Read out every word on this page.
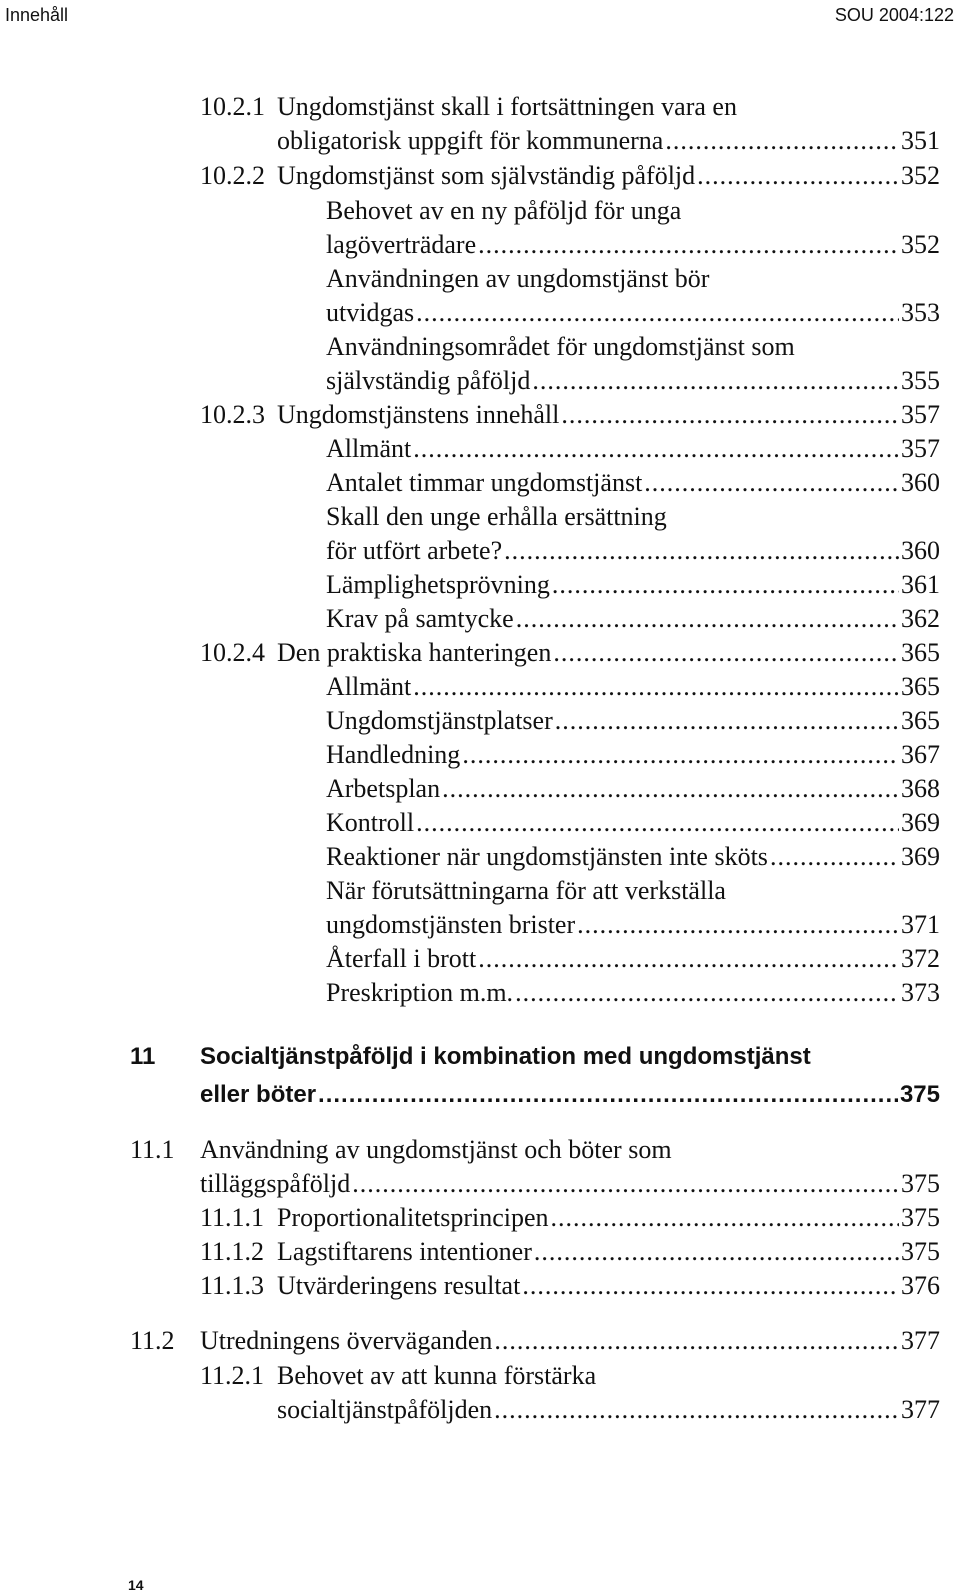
Innehåll	SOU 2004:122
10.2.1 Ungdomstjänst skall i fortsättningen vara en
obligatorisk uppgift för kommunerna .....	351
10.2.2 Ungdomstjänst som självständig påföljd .....	352
Behovet av en ny påföljd för unga
lagöverträdare .....	352
Användningen av ungdomstjänst bör
utvidgas .....	353
Användningsområdet för ungdomstjänst som
självständig påföljd .....	355
10.2.3 Ungdomstjänstens innehåll .....	357
Allmänt .....	357
Antalet timmar ungdomstjänst .....	360
Skall den unge erhålla ersättning
för utfört arbete? .....	360
Lämplighetsprövning .....	361
Krav på samtycke .....	362
10.2.4 Den praktiska hanteringen .....	365
Allmänt .....	365
Ungdomstjänstplatser .....	365
Handledning .....	367
Arbetsplan .....	368
Kontroll .....	369
Reaktioner när ungdomstjänsten inte sköts .....	369
När förutsättningarna för att verkställa
ungdomstjänsten brister .....	371
Återfall i brott .....	372
Preskription m.m. .....	373
11	Socialtjänstpåföljd i kombination med ungdomstjänst
eller böter .....	375
11.1 Användning av ungdomstjänst och böter som
tilläggspåföljd .....	375
11.1.1 Proportionalitetsprincipen .....	375
11.1.2 Lagstiftarens intentioner .....	375
11.1.3 Utvärderingens resultat .....	376
11.2 Utredningens överväganden .....	377
11.2.1 Behovet av att kunna förstärka
socialtjänstpåföljden .....	377
14
